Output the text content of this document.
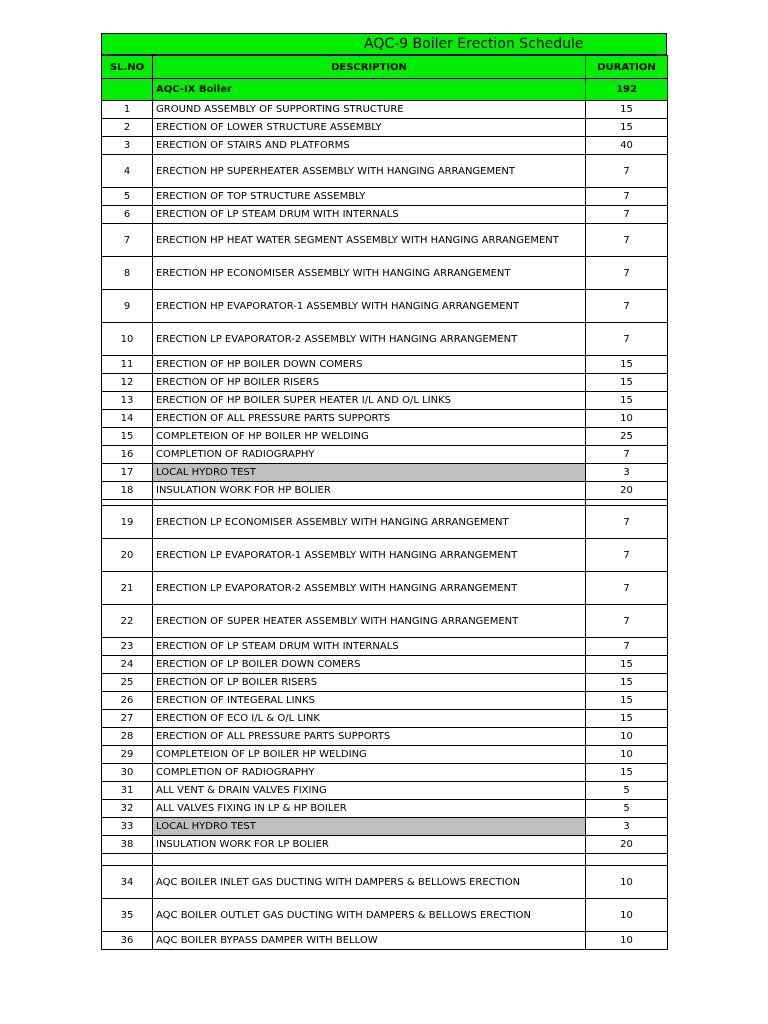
AQC-9 Boiler Erection Schedule
SL.NO	DESCRIPTION	DURATION
	AQC-IX Boiler	192
1	GROUND ASSEMBLY OF SUPPORTING STRUCTURE	15
2	ERECTION OF LOWER STRUCTURE ASSEMBLY	15
3	ERECTION OF STAIRS AND PLATFORMS	40
4	ERECTION HP SUPERHEATER ASSEMBLY WITH HANGING ARRANGEMENT	7
5	ERECTION OF TOP STRUCTURE ASSEMBLY	7
6	ERECTION OF LP STEAM DRUM WITH INTERNALS	7
7	ERECTION HP HEAT WATER SEGMENT ASSEMBLY WITH HANGING ARRANGEMENT	7
8	ERECTION HP ECONOMISER ASSEMBLY WITH HANGING ARRANGEMENT	7
9	ERECTION HP EVAPORATOR-1 ASSEMBLY WITH HANGING ARRANGEMENT	7
10	ERECTION LP EVAPORATOR-2 ASSEMBLY WITH HANGING ARRANGEMENT	7
11	ERECTION OF HP BOILER DOWN COMERS	15
12	ERECTION OF HP BOILER RISERS	15
13	ERECTION OF HP BOILER SUPER HEATER I/L AND O/L LINKS	15
14	ERECTION OF ALL PRESSURE PARTS SUPPORTS	10
15	COMPLETEION OF HP BOILER HP WELDING	25
16	COMPLETION OF RADIOGRAPHY	7
17	LOCAL HYDRO TEST	3
18	INSULATION WORK FOR HP BOLIER	20

19	ERECTION LP ECONOMISER ASSEMBLY WITH HANGING ARRANGEMENT	7
20	ERECTION LP EVAPORATOR-1 ASSEMBLY WITH HANGING ARRANGEMENT	7
21	ERECTION LP EVAPORATOR-2 ASSEMBLY WITH HANGING ARRANGEMENT	7
22	ERECTION OF SUPER HEATER ASSEMBLY WITH HANGING ARRANGEMENT	7
23	ERECTION OF LP STEAM DRUM WITH INTERNALS	7
24	ERECTION OF LP BOILER DOWN COMERS	15
25	ERECTION OF LP BOILER RISERS	15
26	ERECTION OF INTEGERAL LINKS	15
27	ERECTION OF ECO I/L & O/L LINK	15
28	ERECTION OF ALL PRESSURE PARTS SUPPORTS	10
29	COMPLETEION OF LP BOILER HP WELDING	10
30	COMPLETION OF RADIOGRAPHY	15
31	ALL VENT & DRAIN VALVES FIXING	5
32	ALL VALVES FIXING IN LP & HP BOILER	5
33	LOCAL HYDRO TEST	3
38	INSULATION WORK FOR LP BOLIER	20

34	AQC BOILER INLET GAS DUCTING WITH DAMPERS & BELLOWS ERECTION	10
35	AQC BOILER OUTLET GAS DUCTING WITH DAMPERS & BELLOWS ERECTION	10
36	AQC BOILER BYPASS DAMPER WITH BELLOW	10
